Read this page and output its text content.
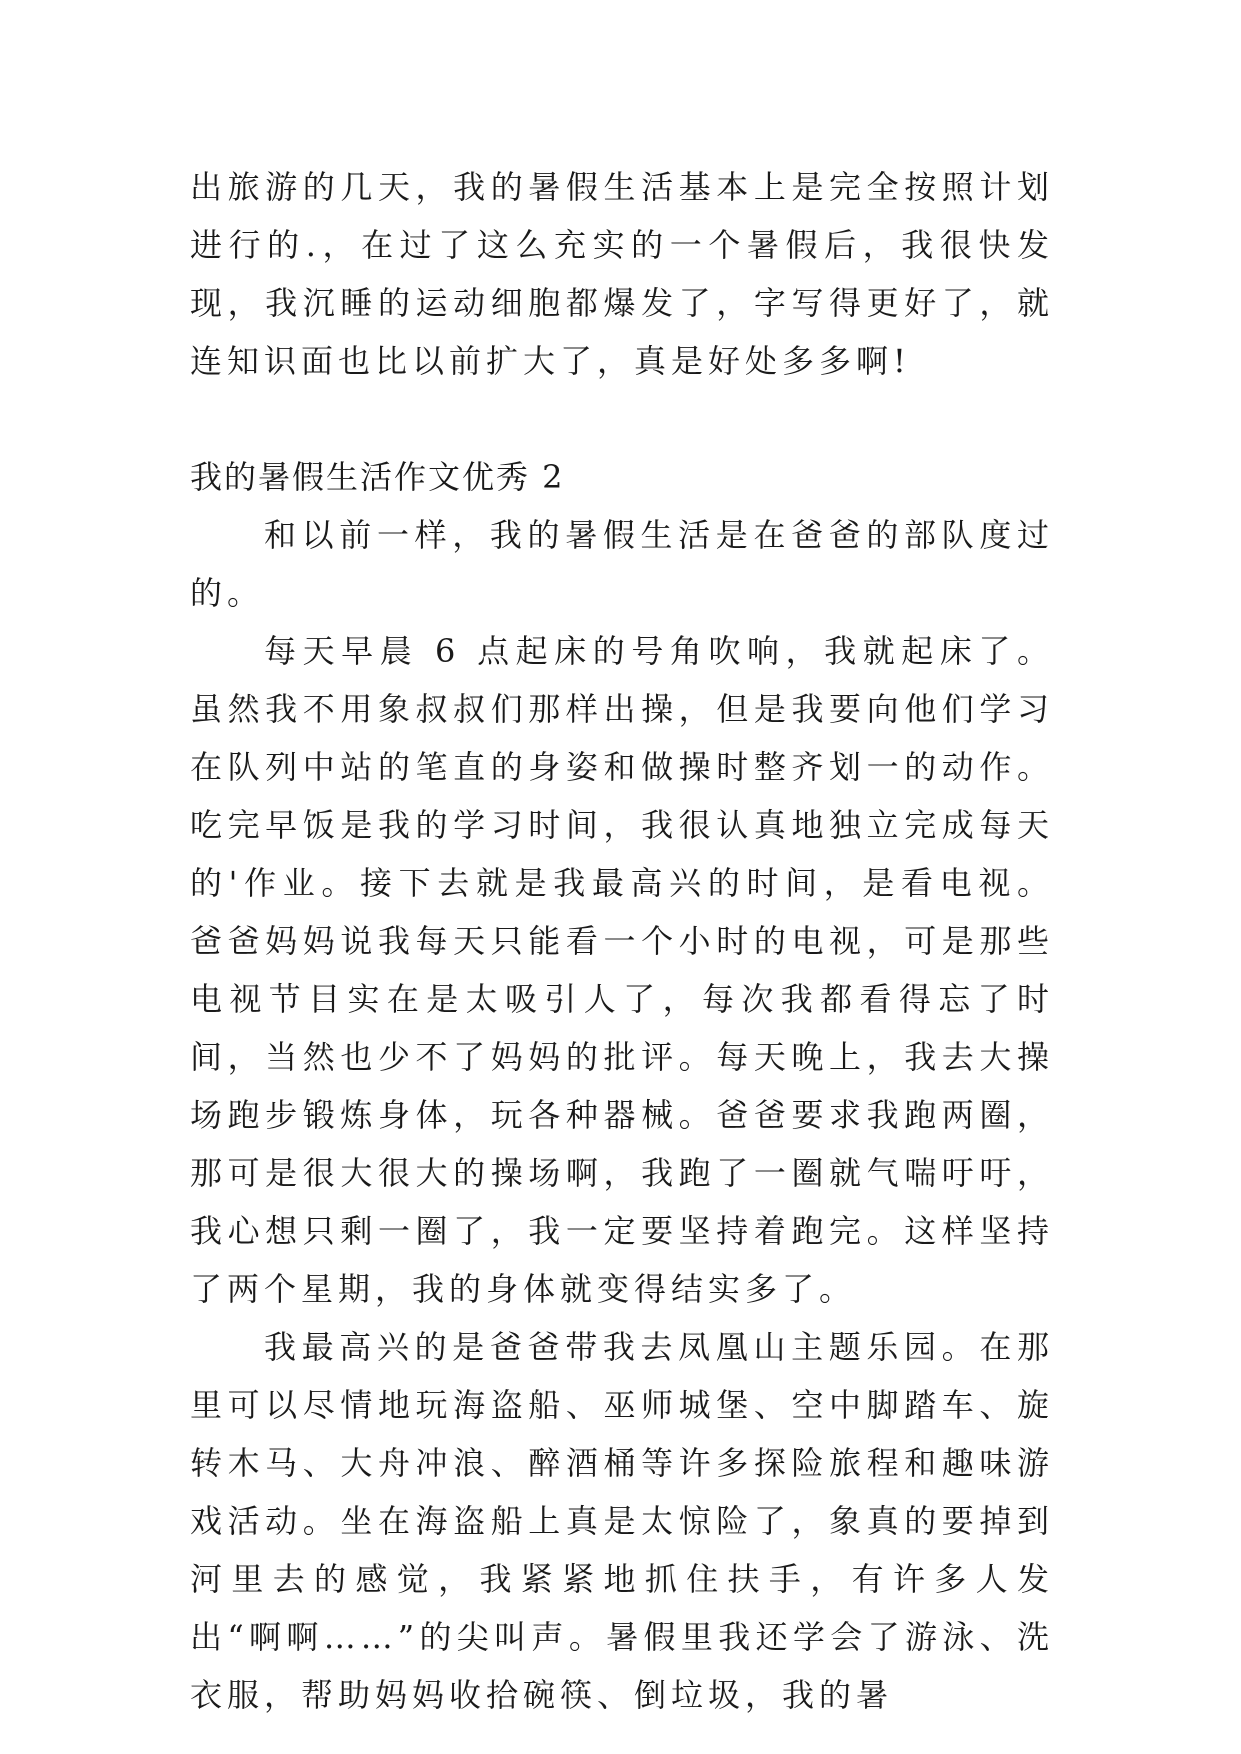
出旅游的几天，我的暑假生活基本上是完全按照计划进行的.，在过了这么充实的一个暑假后，我很快发现，我沉睡的运动细胞都爆发了，字写得更好了，就连知识面也比以前扩大了，真是好处多多啊!

我的暑假生活作文优秀 2

和以前一样，我的暑假生活是在爸爸的部队度过的。

每天早晨 6 点起床的号角吹响，我就起床了。虽然我不用象叔叔们那样出操，但是我要向他们学习在队列中站的笔直的身姿和做操时整齐划一的动作。吃完早饭是我的学习时间，我很认真地独立完成每天的'作业。接下去就是我最高兴的时间，是看电视。爸爸妈妈说我每天只能看一个小时的电视，可是那些电视节目实在是太吸引人了，每次我都看得忘了时间，当然也少不了妈妈的批评。每天晚上，我去大操场跑步锻炼身体，玩各种器械。爸爸要求我跑两圈，那可是很大很大的操场啊，我跑了一圈就气喘吁吁，我心想只剩一圈了，我一定要坚持着跑完。这样坚持了两个星期，我的身体就变得结实多了。

我最高兴的是爸爸带我去凤凰山主题乐园。在那里可以尽情地玩海盗船、巫师城堡、空中脚踏车、旋转木马、大舟冲浪、醉酒桶等许多探险旅程和趣味游戏活动。坐在海盗船上真是太惊险了，象真的要掉到河里去的感觉，我紧紧地抓住扶手，有许多人发出“啊啊……”的尖叫声。暑假里我还学会了游泳、洗衣服，帮助妈妈收拾碗筷、倒垃圾，我的暑
